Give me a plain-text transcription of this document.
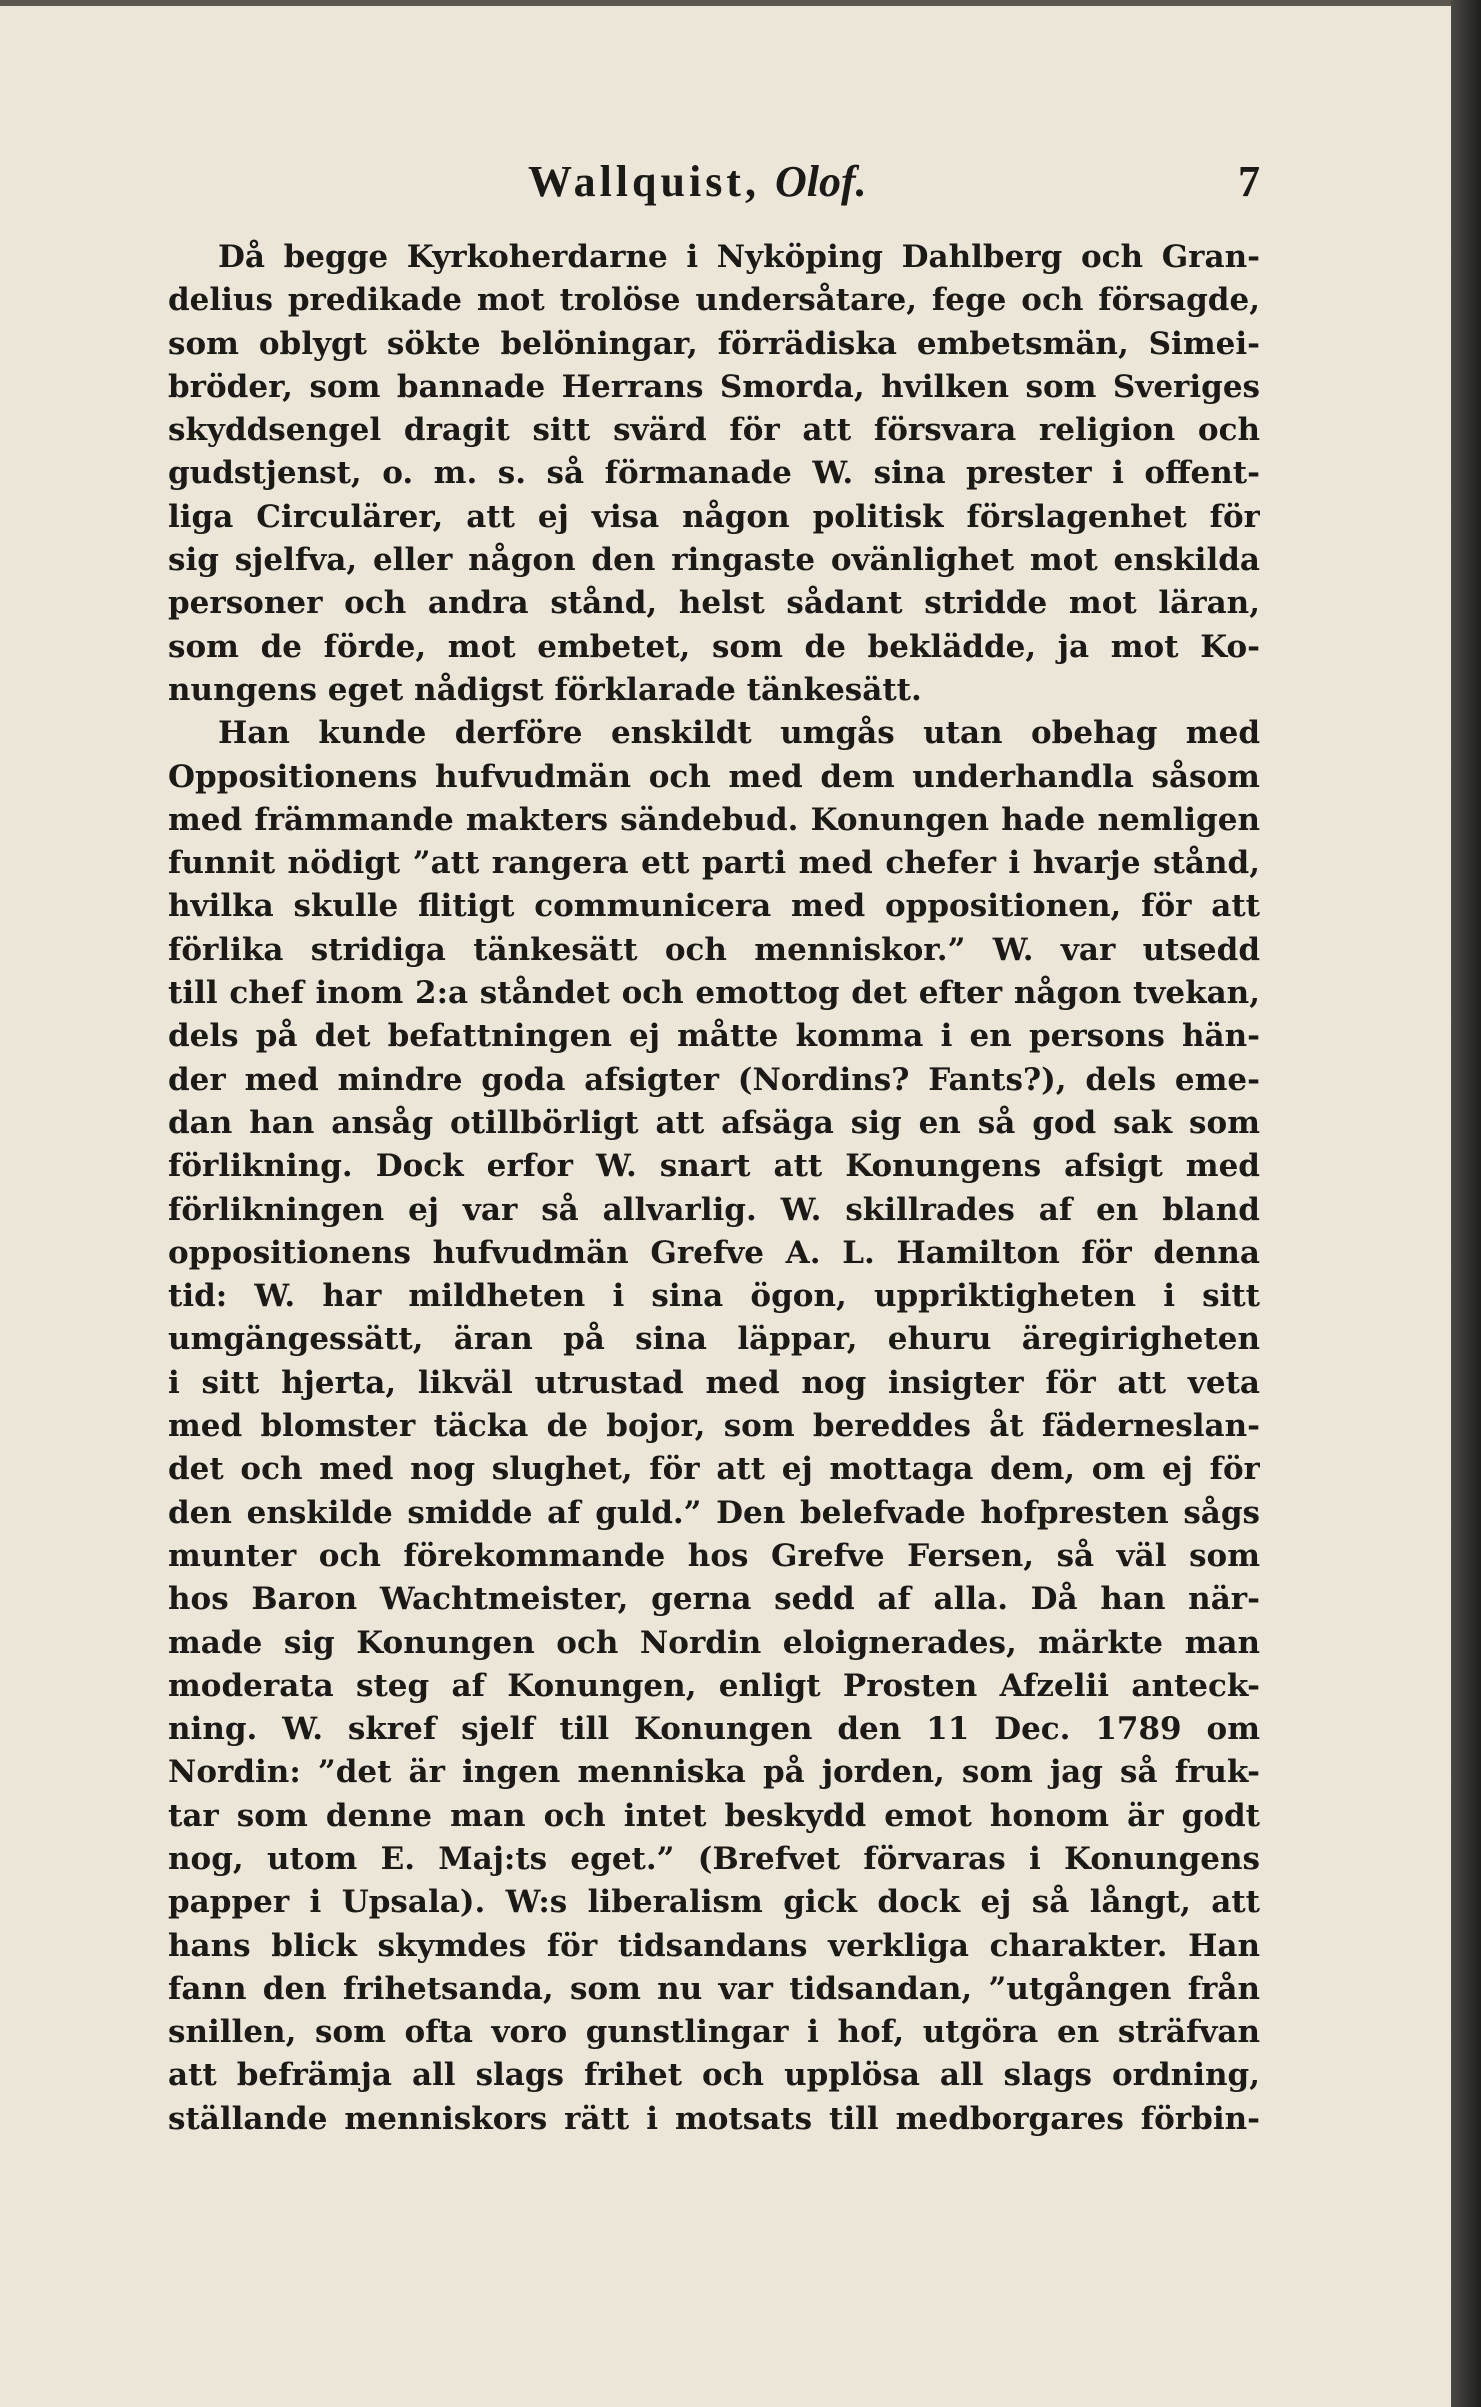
Wallquist, Olof.	7
Då begge Kyrkoherdarne i Nyköping Dahlberg och Gran-
delius predikade mot trolöse undersåtare, fege och försagde,
som oblygt sökte belöningar, förrädiska embetsmän, Simei-
bröder, som bannade Herrans Smorda, hvilken som Sveriges
skyddsengel dragit sitt svärd för att försvara religion och
gudstjenst, o. m. s. så förmanade W. sina prester i offent-
liga Circulärer, att ej visa någon politisk förslagenhet för
sig sjelfva, eller någon den ringaste ovänlighet mot enskilda
personer och andra stånd, helst sådant stridde mot läran,
som de förde, mot embetet, som de beklädde, ja mot Ko-
nungens eget nådigst förklarade tänkesätt.
Han kunde derföre enskildt umgås utan obehag med
Oppositionens hufvudmän och med dem underhandla såsom
med främmande makters sändebud. Konungen hade nemligen
funnit nödigt ”att rangera ett parti med chefer i hvarje stånd,
hvilka skulle flitigt communicera med oppositionen, för att
förlika stridiga tänkesätt och menniskor.” W. var utsedd
till chef inom 2:a ståndet och emottog det efter någon tvekan,
dels på det befattningen ej måtte komma i en persons hän-
der med mindre goda afsigter (Nordins? Fants?), dels eme-
dan han ansåg otillbörligt att afsäga sig en så god sak som
förlikning. Dock erfor W. snart att Konungens afsigt med
förlikningen ej var så allvarlig. W. skillrades af en bland
oppositionens hufvudmän Grefve A. L. Hamilton för denna
tid: W. har mildheten i sina ögon, uppriktigheten i sitt
umgängessätt, äran på sina läppar, ehuru äregirigheten
i sitt hjerta, likväl utrustad med nog insigter för att veta
med blomster täcka de bojor, som bereddes åt fäderneslan-
det och med nog slughet, för att ej mottaga dem, om ej för
den enskilde smidde af guld.” Den belefvade hofpresten sågs
munter och förekommande hos Grefve Fersen, så väl som
hos Baron Wachtmeister, gerna sedd af alla. Då han när-
made sig Konungen och Nordin eloignerades, märkte man
moderata steg af Konungen, enligt Prosten Afzelii anteck-
ning. W. skref sjelf till Konungen den 11 Dec. 1789 om
Nordin: ”det är ingen menniska på jorden, som jag så fruk-
tar som denne man och intet beskydd emot honom är godt
nog, utom E. Maj:ts eget.” (Brefvet förvaras i Konungens
papper i Upsala). W:s liberalism gick dock ej så långt, att
hans blick skymdes för tidsandans verkliga charakter. Han
fann den frihetsanda, som nu var tidsandan, ”utgången från
snillen, som ofta voro gunstlingar i hof, utgöra en sträfvan
att befrämja all slags frihet och upplösa all slags ordning,
ställande menniskors rätt i motsats till medborgares förbin-
